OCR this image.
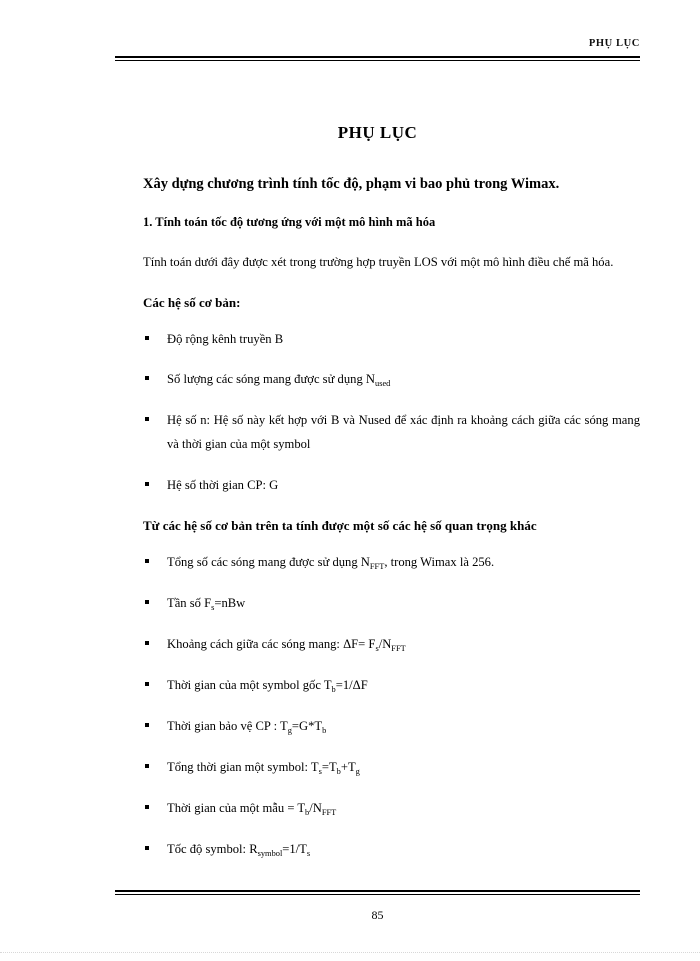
PHỤ LỤC
PHỤ LỤC
Xây dựng chương trình tính tốc độ, phạm vi bao phủ trong Wimax.
1. Tính toán tốc độ tương ứng với một mô hình mã hóa
Tính toán dưới đây được xét trong trường hợp truyền LOS với một mô hình điều chế mã hóa.
Các hệ số cơ bản:
Độ rộng kênh truyền B
Số lượng các sóng mang được sử dụng $N_{used}$
Hệ số n: Hệ số này kết hợp với B và Nused để xác định ra khoảng cách giữa các sóng mang và thời gian của một symbol
Hệ số thời gian CP: G
Từ các hệ số cơ bản trên ta tính được một số các hệ số quan trọng khác
Tổng số các sóng mang được sử dụng $N_{FFT}$, trong Wimax là 256.
Tần số $F_s=nBw$
Khoảng cách giữa các sóng mang: $\Delta F= F_s/N_{FFT}$
Thời gian của một symbol gốc $T_b=1/\Delta F$
Thời gian bảo vệ CP : $T_g=G*T_b$
Tổng thời gian một symbol: $T_s=T_b+T_g$
Thời gian của một mẫu = $T_b/N_{FFT}$
Tốc độ symbol: $R_{symbol}=1/T_s$
85
